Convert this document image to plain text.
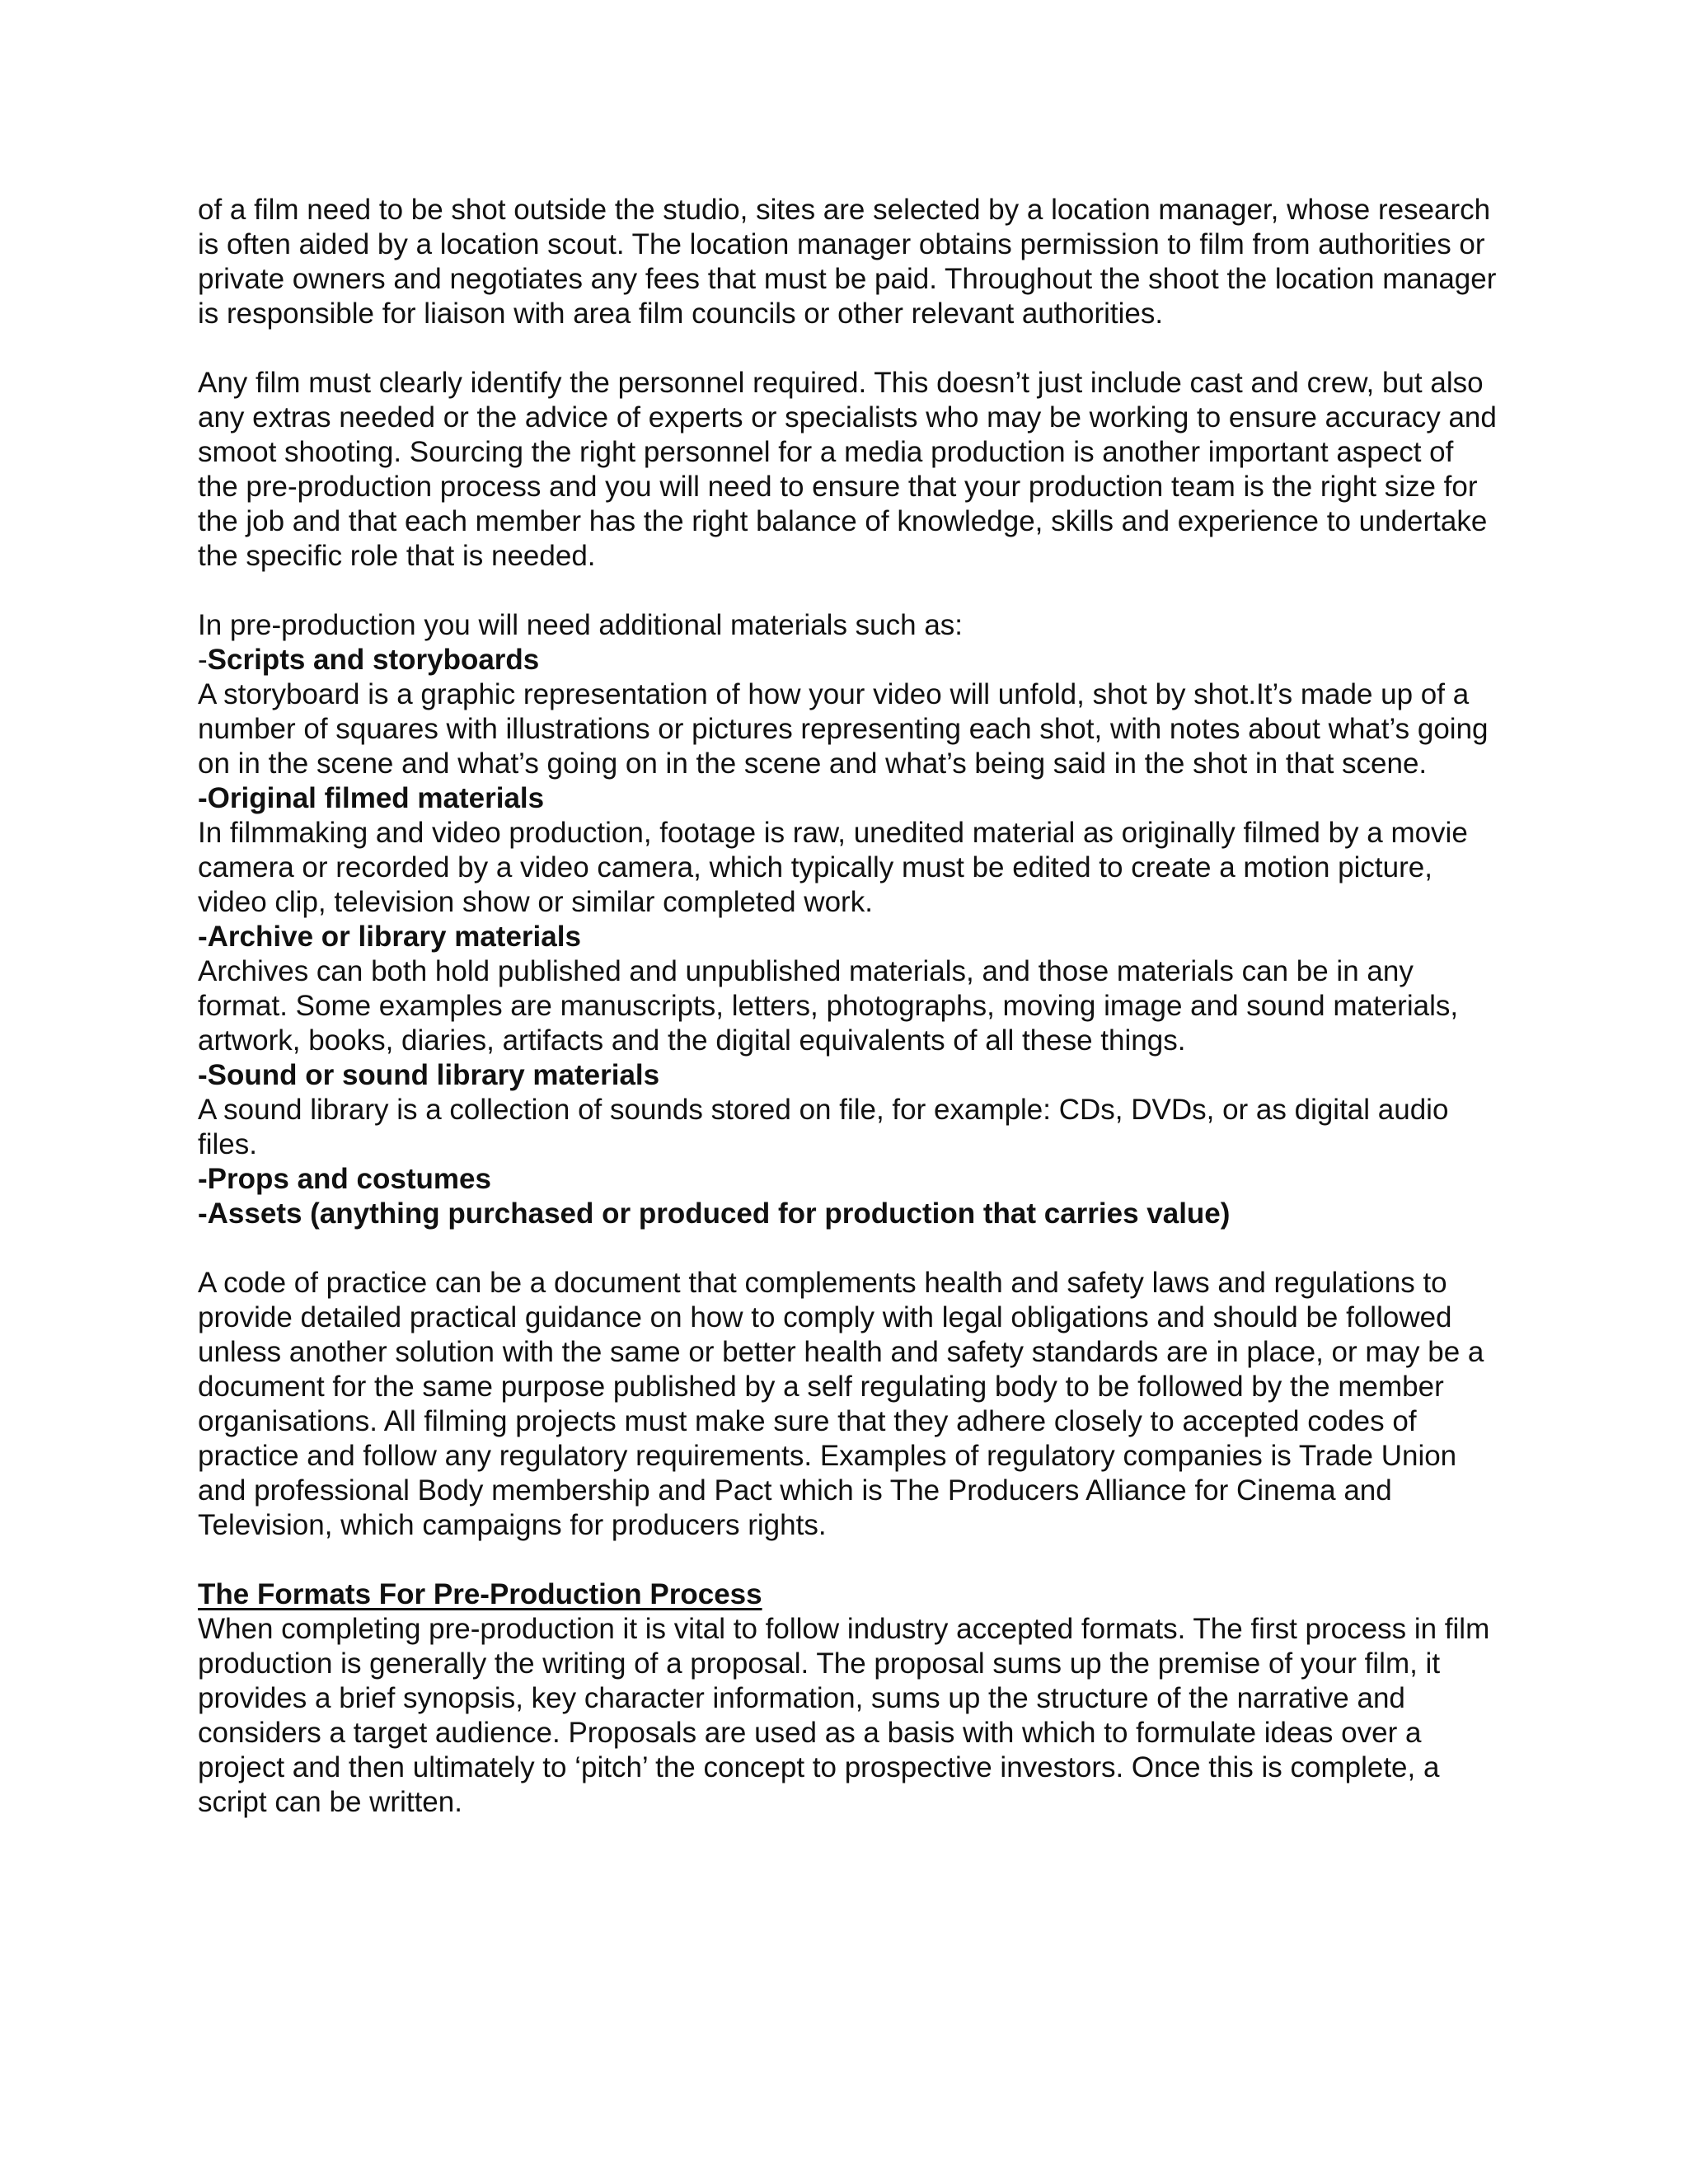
of a film need to be shot outside the studio, sites are selected by a location manager, whose research is often aided by a location scout. The location manager obtains permission to film from authorities or private owners and negotiates any fees that must be paid. Throughout the shoot the location manager is responsible for liaison with area film councils or other relevant authorities.

Any film must clearly identify the personnel required. This doesn’t just include cast and crew, but also any extras needed or the advice of experts or specialists who may be working to ensure accuracy and smoot shooting. Sourcing the right personnel for a media production is another important aspect of the pre-production process and you will need to ensure that your production team is the right size for the job and that each member has the right balance of knowledge, skills and experience to undertake the specific role that is needed.

In pre-production you will need additional materials such as:

-Scripts and storyboards

A storyboard is a graphic representation of how your video will unfold, shot by shot.It’s made up of a number of squares with illustrations or pictures representing each shot, with notes about what’s going on in the scene and what’s going on in the scene and what’s being said in the shot in that scene.

-Original filmed materials

In filmmaking and video production, footage is raw, unedited material as originally filmed by a movie camera or recorded by a video camera, which typically must be edited to create a motion picture, video clip, television show or similar completed work.

-Archive or library materials

Archives can both hold published and unpublished materials, and those materials can be in any format. Some examples are manuscripts, letters, photographs, moving image and sound materials, artwork, books, diaries, artifacts and the digital equivalents of all these things.

-Sound or sound library materials

A sound library is a collection of sounds stored on file, for example: CDs, DVDs, or as digital audio files.

-Props and costumes

-Assets (anything purchased or produced for production that carries value)

A code of practice can be a document that complements health and safety laws and regulations to provide detailed practical guidance on how to comply with legal obligations and should be followed unless another solution with the same or better health and safety standards are in place, or may be a document for the same purpose published by a self regulating body to be followed by the member organisations. All filming projects must make sure that they adhere closely to accepted codes of practice and follow any regulatory requirements. Examples of regulatory companies is Trade Union and professional Body membership and Pact which is The Producers Alliance for Cinema and Television, which campaigns for producers rights.

The Formats For Pre-Production Process

When completing pre-production it is vital to follow industry accepted formats. The first process in film production is generally the writing of a proposal. The proposal sums up the premise of your film, it provides a brief synopsis, key character information, sums up the structure of the narrative and considers a target audience. Proposals are used as a basis with which to formulate ideas over a project and then ultimately to ‘pitch’ the concept to prospective investors. Once this is complete, a script can be written.
